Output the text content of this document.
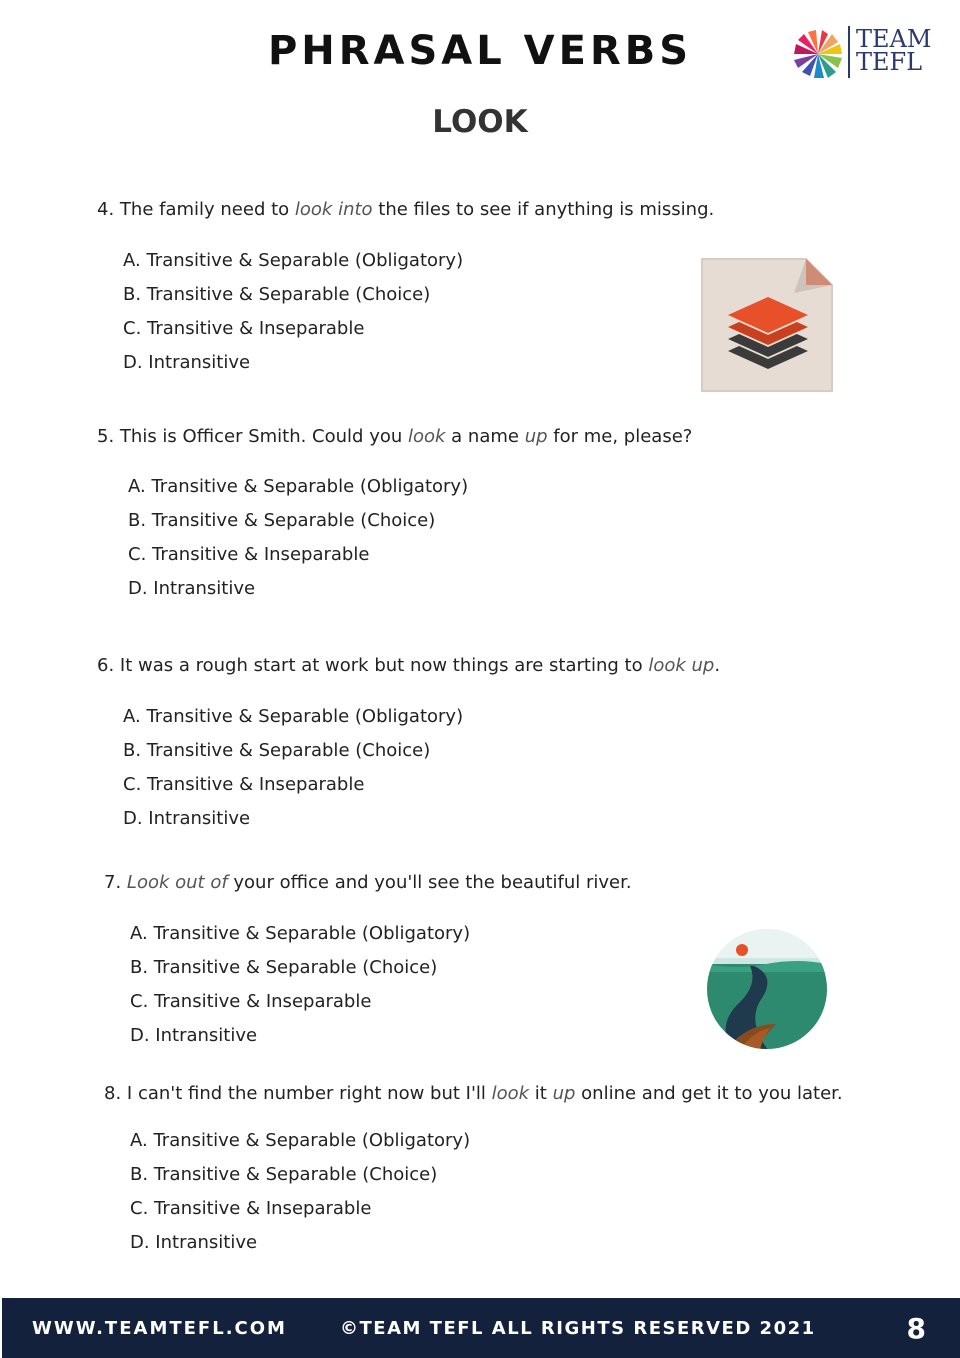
PHRASAL VERBS
LOOK
TEAM
TEFL
4. The family need to look into the files to see if anything is missing.
A. Transitive & Separable (Obligatory)
B. Transitive & Separable (Choice)
C. Transitive & Inseparable
D. Intransitive
5. This is Officer Smith. Could you look a name up for me, please?
A. Transitive & Separable (Obligatory)
B. Transitive & Separable (Choice)
C. Transitive & Inseparable
D. Intransitive
6. It was a rough start at work but now things are starting to look up.
A. Transitive & Separable (Obligatory)
B. Transitive & Separable (Choice)
C. Transitive & Inseparable
D. Intransitive
7. Look out of your office and you'll see the beautiful river.
A. Transitive & Separable (Obligatory)
B. Transitive & Separable (Choice)
C. Transitive & Inseparable
D. Intransitive
8. I can't find the number right now but I'll look it up online and get it to you later.
A. Transitive & Separable (Obligatory)
B. Transitive & Separable (Choice)
C. Transitive & Inseparable
D. Intransitive
WWW.TEAMTEFL.COM	©TEAM TEFL ALL RIGHTS RESERVED 2021	8
